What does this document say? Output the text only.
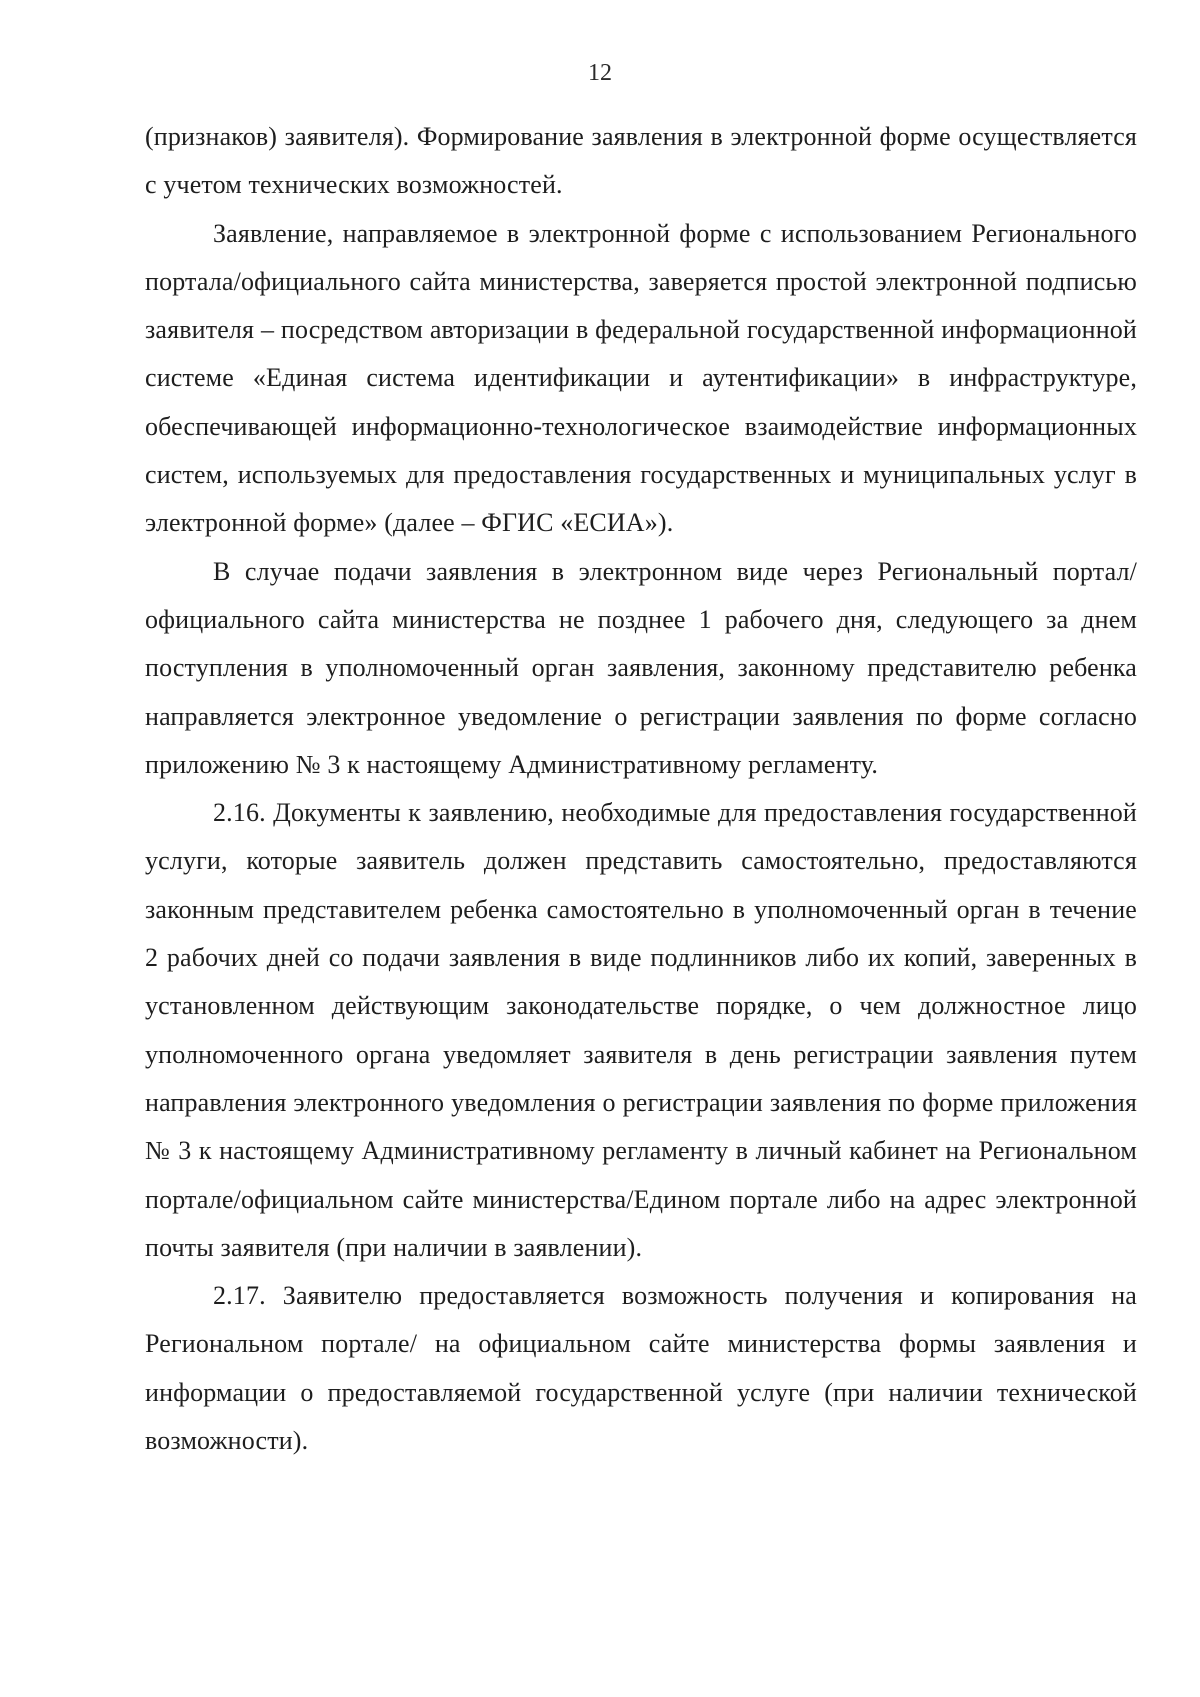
12

(признаков) заявителя). Формирование заявления в электронной форме осуществляется с учетом технических возможностей.

Заявление, направляемое в электронной форме с использованием Регионального портала/официального сайта министерства, заверяется простой электронной подписью заявителя – посредством авторизации в федеральной государственной информационной системе «Единая система идентификации и аутентификации» в инфраструктуре, обеспечивающей информационно-технологическое взаимодействие информационных систем, используемых для предоставления государственных и муниципальных услуг в электронной форме» (далее – ФГИС «ЕСИА»).

В случае подачи заявления в электронном виде через Региональный портал/официального сайта министерства не позднее 1 рабочего дня, следующего за днем поступления в уполномоченный орган заявления, законному представителю ребенка направляется электронное уведомление о регистрации заявления по форме согласно приложению № 3 к настоящему Административному регламенту.

2.16. Документы к заявлению, необходимые для предоставления государственной услуги, которые заявитель должен представить самостоятельно, предоставляются законным представителем ребенка самостоятельно в уполномоченный орган в течение 2 рабочих дней со подачи заявления в виде подлинников либо их копий, заверенных в установленном действующим законодательстве порядке, о чем должностное лицо уполномоченного органа уведомляет заявителя в день регистрации заявления путем направления электронного уведомления о регистрации заявления по форме приложения № 3 к настоящему Административному регламенту в личный кабинет на Региональном портале/официальном сайте министерства/Едином портале либо на адрес электронной почты заявителя (при наличии в заявлении).

2.17. Заявителю предоставляется возможность получения и копирования на Региональном портале/ на официальном сайте министерства формы заявления и информации о предоставляемой государственной услуге (при наличии технической возможности).
